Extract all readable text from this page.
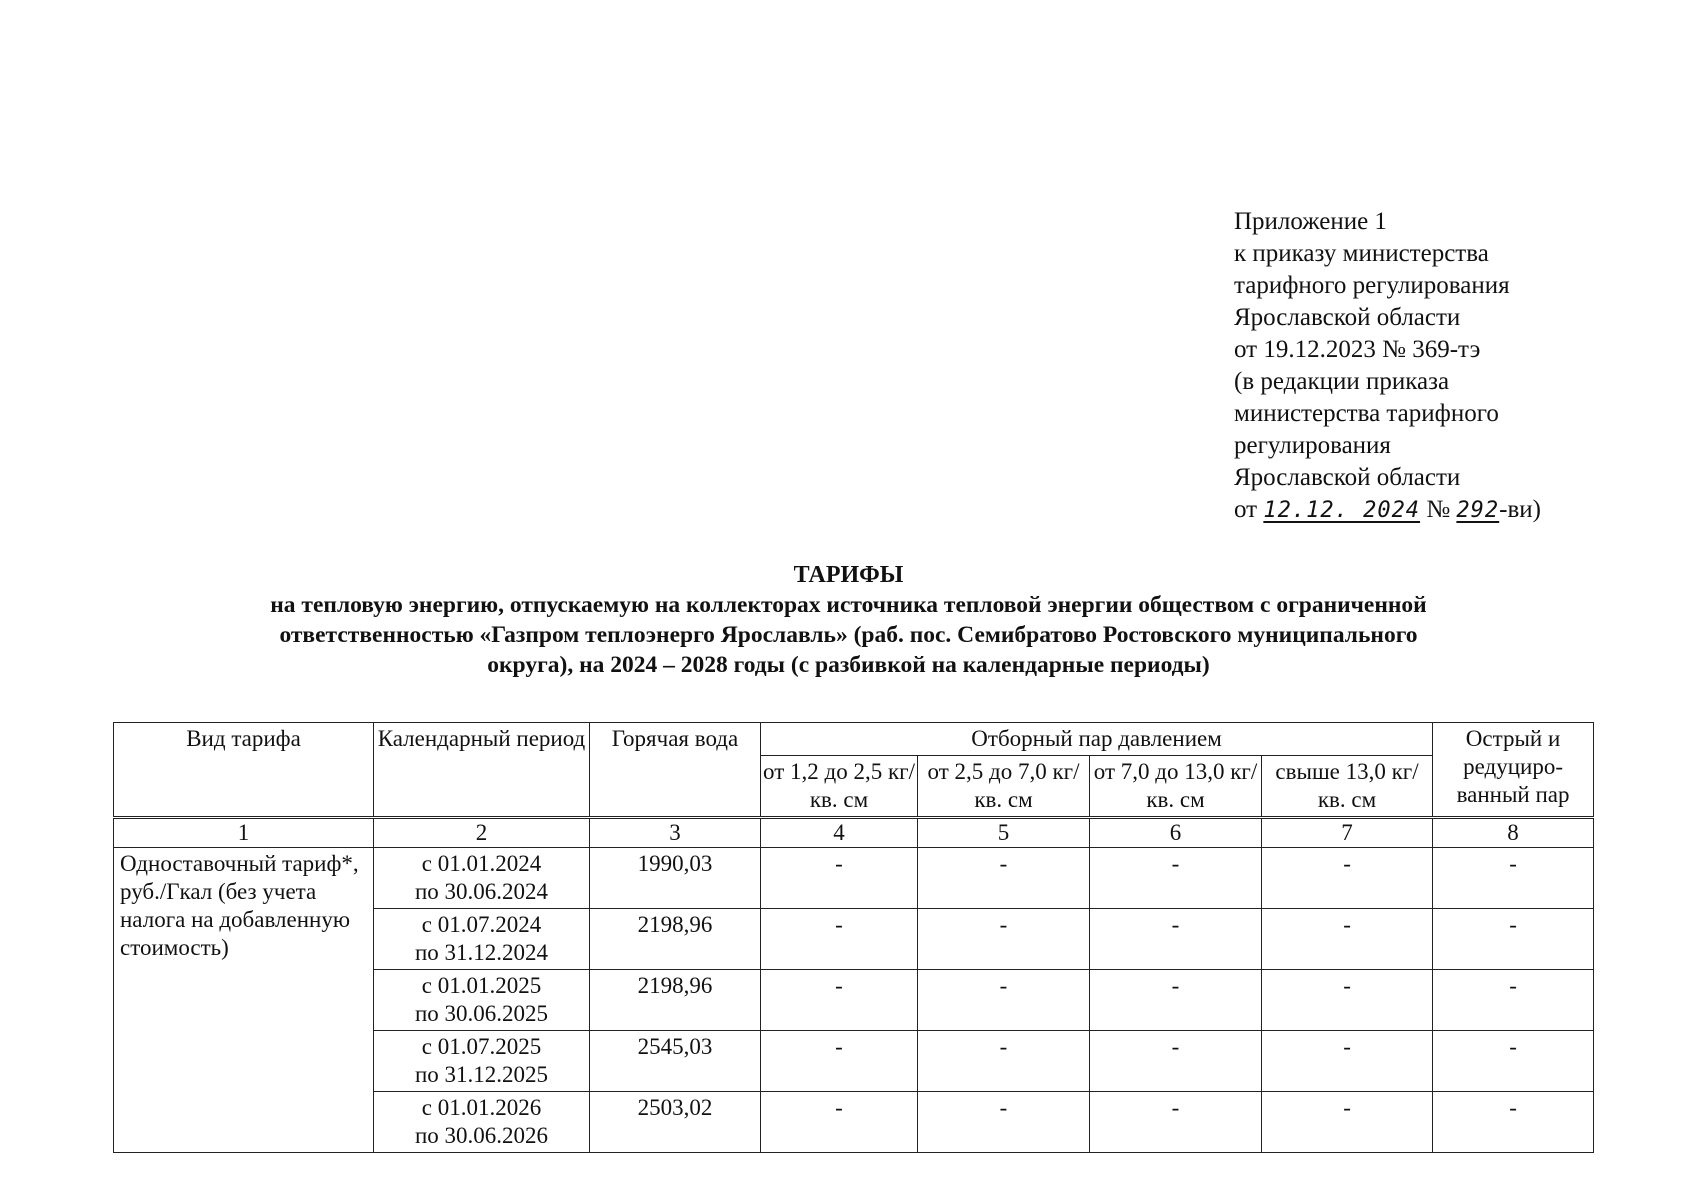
Приложение 1
к приказу министерства
тарифного регулирования
Ярославской области
от 19.12.2023 № 369-тэ
(в редакции приказа
министерства тарифного
регулирования
Ярославской области
от 12.12. 2024 № 292-ви)
ТАРИФЫ
на тепловую энергию, отпускаемую на коллекторах источника тепловой энергии обществом с ограниченной
ответственностью «Газпром теплоэнерго Ярославль» (раб. пос. Семибратово Ростовского муниципального
округа), на 2024 – 2028 годы (с разбивкой на календарные периоды)
Вид тарифа	Календарный период	Горячая вода	Отборный пар давлением				Острый и редуциро-ванный пар
			от 1,2 до 2,5 кг/ кв. см	от 2,5 до 7,0 кг/ кв. см	от 7,0 до 13,0 кг/ кв. см	свыше 13,0 кг/ кв. см	
1	2	3	4	5	6	7	8
Одноставочный тариф*, руб./Гкал (без учета налога на добавленную стоимость)	с 01.01.2024
по 30.06.2024	1990,03	-	-	-	-	-

	с 01.07.2024
по 31.12.2024	2198,96	-	-	-	-	-

	с 01.01.2025
по 30.06.2025	2198,96	-	-	-	-	-

	с 01.07.2025
по 31.12.2025	2545,03	-	-	-	-	-

	с 01.01.2026
по 30.06.2026	2503,02	-	-	-	-	-
